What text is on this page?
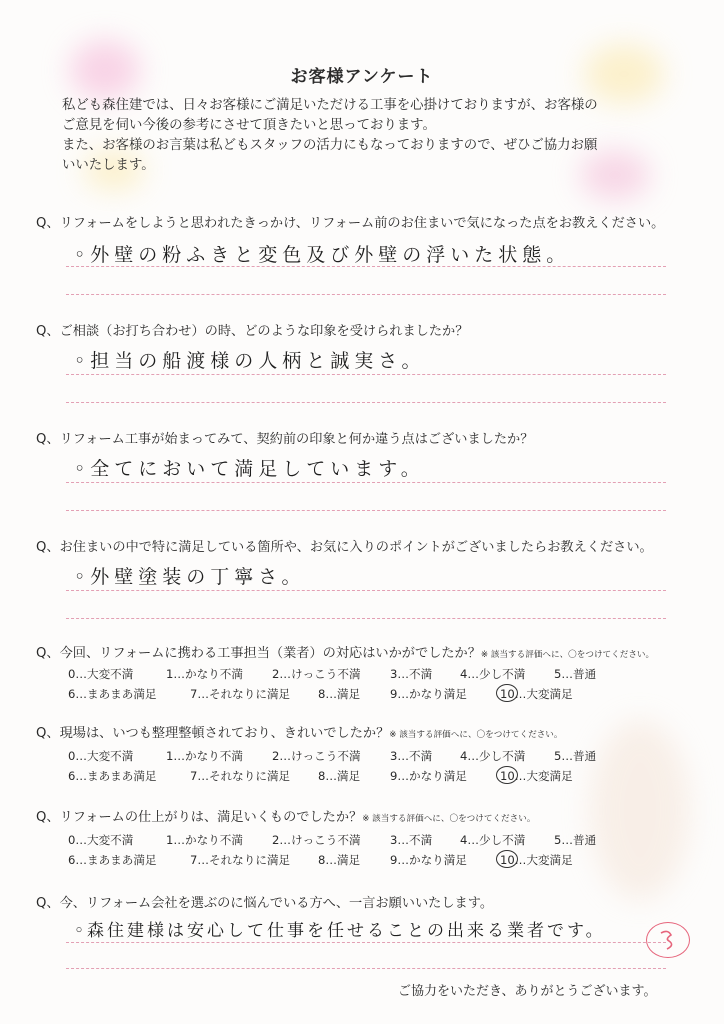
お客様アンケート
私ども森住建では、日々お客様にご満足いただける工事を心掛けておりますが、お客様の
ご意見を伺い今後の参考にさせて頂きたいと思っております。
また、お客様のお言葉は私どもスタッフの活力にもなっておりますので、ぜひご協力お願
いいたします。
Q、リフォームをしようと思われたきっかけ、リフォーム前のお住まいで気になった点をお教えください。
◦外壁の粉ふきと変色及び外壁の浮いた状態。
Q、ご相談（お打ち合わせ）の時、どのような印象を受けられましたか？
◦担当の船渡様の人柄と誠実さ。
Q、リフォーム工事が始まってみて、契約前の印象と何か違う点はございましたか？
◦全てにおいて満足しています。
Q、お住まいの中で特に満足している箇所や、お気に入りのポイントがございましたらお教えください。
◦外壁塗装の丁寧さ。
Q、今回、リフォームに携わる工事担当（業者）の対応はいかがでしたか？※ 該当する評価へに、〇をつけてください。
0…大変不満	1…かなり不満	2…けっこう不満	3…不満 4…少し不満 5…普通
6…まあまあ満足	7…それなりに満足 8…満足	9…かなり満足	10…大変満足
Q、現場は、いつも整理整頓されており、きれいでしたか？※ 該当する評価へに、〇をつけてください。
0…大変不満	1…かなり不満	2…けっこう不満	3…不満 4…少し不満 5…普通
6…まあまあ満足	7…それなりに満足 8…満足	9…かなり満足	10…大変満足
Q、リフォームの仕上がりは、満足いくものでしたか？※ 該当する評価へに、〇をつけてください。
0…大変不満	1…かなり不満	2…けっこう不満	3…不満 4…少し不満 5…普通
6…まあまあ満足	7…それなりに満足 8…満足	9…かなり満足	10…大変満足
Q、今、リフォーム会社を選ぶのに悩んでいる方へ、一言お願いいたします。
◦森住建様は安心して仕事を任せることの出来る業者です。
ご協力をいただき、ありがとうございます。
